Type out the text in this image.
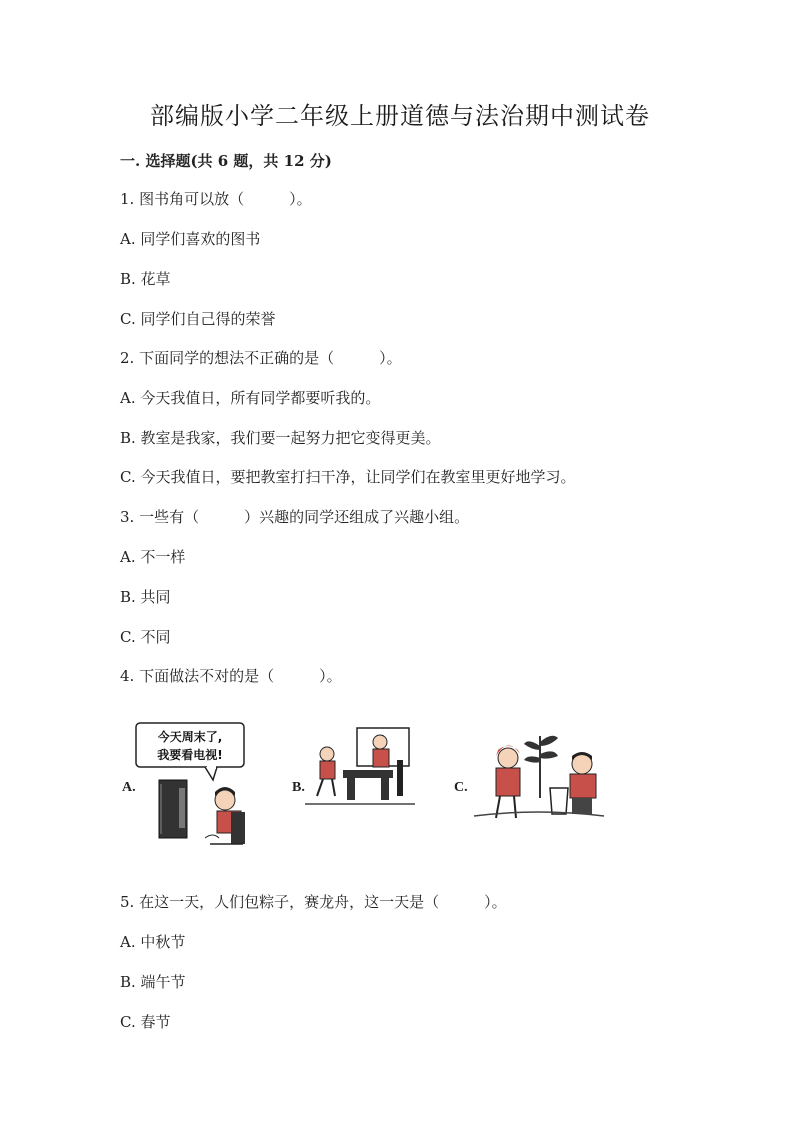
部编版小学二年级上册道德与法治期中测试卷
一. 选择题(共 6 题，共 12 分)
1. 图书角可以放（　　　）。
A. 同学们喜欢的图书
B. 花草
C. 同学们自己得的荣誉
2. 下面同学的想法不正确的是（　　　）。
A. 今天我值日，所有同学都要听我的。
B. 教室是我家，我们要一起努力把它变得更美。
C. 今天我值日，要把教室打扫干净，让同学们在教室里更好地学习。
3. 一些有（　　　）兴趣的同学还组成了兴趣小组。
A. 不一样
B. 共同
C. 不同
4. 下面做法不对的是（　　　）。
A.	B.	C.
今天周末了,
我要看电视!
5. 在这一天，人们包粽子，赛龙舟，这一天是（　　　）。
A. 中秋节
B. 端午节
C. 春节
